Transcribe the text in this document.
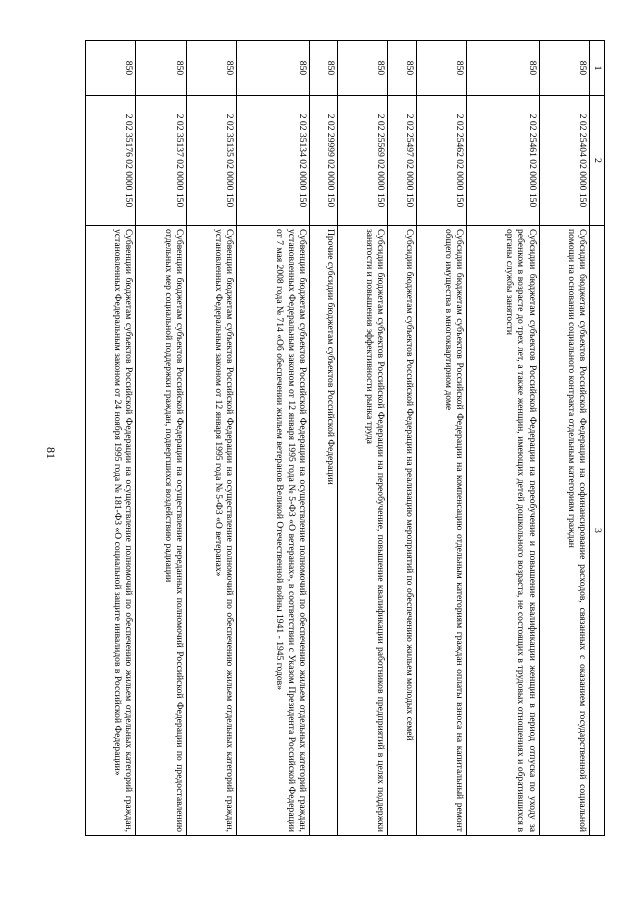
81
1	2	3
850	2 02 25404 02 0000 150	Субсидии бюджетам субъектов Российской Федерации на софинансирование расходов, связанных с оказанием государственной социальной помощи на основании социального контракта отдельным категориям граждан
850	2 02 25461 02 0000 150	Субсидии бюджетам субъектов Российской Федерации на переобучение и повышение квалификации женщин в период отпуска по уходу за ребенком в возрасте до трех лет, а также женщин, имеющих детей дошкольного возраста, не состоящих в трудовых отношениях и обратившихся в органы службы занятости
850	2 02 25462 02 0000 150	Субсидии бюджетам субъектов Российской Федерации на компенсацию отдельным категориям граждан оплаты взноса на капитальный ремонт общего имущества в многоквартирном доме
850	2 02 25497 02 0000 150	Субсидии бюджетам субъектов Российской Федерации на реализацию мероприятий по обеспечению жильем молодых семей
850	2 02 25569 02 0000 150	Субсидии бюджетам субъектов Российской Федерации на переобучение, повышение квалификации работников предприятий в целях поддержки занятости и повышения эффективности рынка труда
850	2 02 29999 02 0000 150	Прочие субсидии бюджетам субъектов Российской Федерации
850	2 02 35134 02 0000 150	Субвенции бюджетам субъектов Российской Федерации на осуществление полномочий по обеспечению жильем отдельных категорий граждан, установленных Федеральным законом от 12 января 1995 года № 5-ФЗ «О ветеранах», в соответствии с Указом Президента Российской Федерации от 7 мая 2008 года № 714 «Об обеспечении жильем ветеранов Великой Отечественной войны 1941 - 1945 годов»
850	2 02 35135 02 0000 150	Субвенции бюджетам субъектов Российской Федерации на осуществление полномочий по обеспечению жильем отдельных категорий граждан, установленных Федеральным законом от 12 января 1995 года № 5-ФЗ «О ветеранах»
850	2 02 35137 02 0000 150	Субвенции бюджетам субъектов Российской Федерации на осуществление переданных полномочий Российской Федерации по предоставлению отдельных мер социальной поддержки граждан, подвергшихся воздействию радиации
850	2 02 35176 02 0000 150	Субвенции бюджетам субъектов Российской Федерации на осуществление полномочий по обеспечению жильем отдельных категорий граждан, установленных Федеральным законом от 24 ноября 1995 года № 181-ФЗ «О социальной защите инвалидов в Российской Федерации»
